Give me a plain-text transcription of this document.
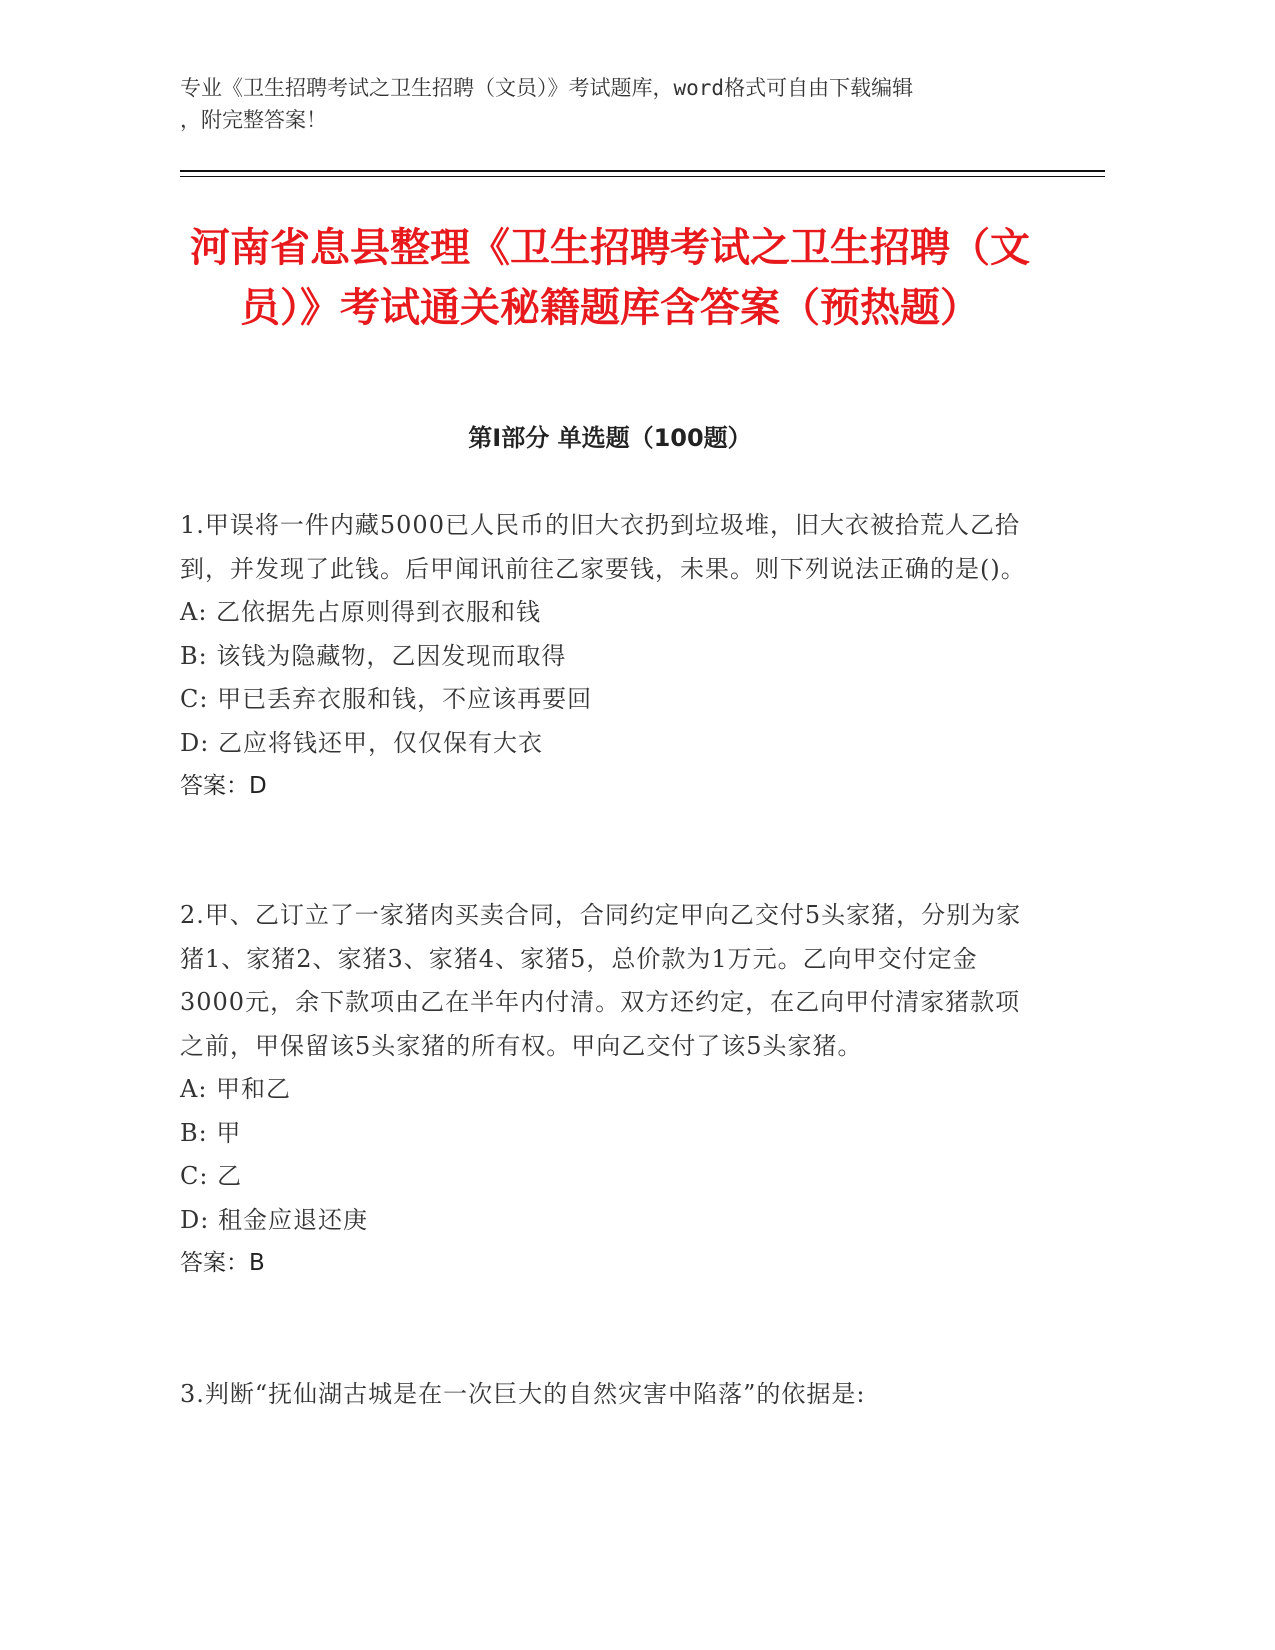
专业《卫生招聘考试之卫生招聘（文员）》考试题库，word格式可自由下载编辑

，附完整答案！

河南省息县整理《卫生招聘考试之卫生招聘（文员）》考试通关秘籍题库含答案（预热题）
第Ⅰ部分 单选题（100题）

1.甲误将一件内藏5000已人民币的旧大衣扔到垃圾堆，旧大衣被拾荒人乙拾到，并发现了此钱。后甲闻讯前往乙家要钱，未果。则下列说法正确的是()。

A: 乙依据先占原则得到衣服和钱

B: 该钱为隐藏物，乙因发现而取得

C: 甲已丢弃衣服和钱，不应该再要回

D: 乙应将钱还甲，仅仅保有大衣

答案：D

2.甲、乙订立了一家猪肉买卖合同，合同约定甲向乙交付5头家猪，分别为家猪1、家猪2、家猪3、家猪4、家猪5，总价款为1万元。乙向甲交付定金3000元，余下款项由乙在半年内付清。双方还约定，在乙向甲付清家猪款项之前，甲保留该5头家猪的所有权。甲向乙交付了该5头家猪。

A: 甲和乙

B: 甲

C: 乙

D: 租金应退还庚

答案：B

3.判断“抚仙湖古城是在一次巨大的自然灾害中陷落”的依据是:
